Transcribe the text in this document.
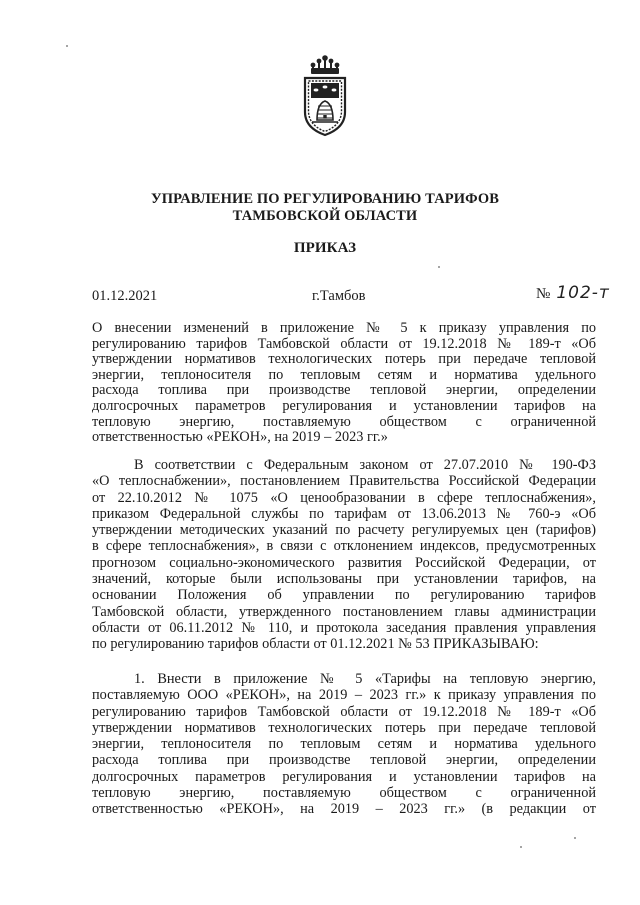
УПРАВЛЕНИЕ ПО РЕГУЛИРОВАНИЮ ТАРИФОВ
ТАМБОВСКОЙ ОБЛАСТИ
ПРИКАЗ
01.12.2021	г.Тамбов	№ 102-т
О внесении изменений в приложение № 5 к приказу управления по
регулированию тарифов Тамбовской области от 19.12.2018 № 189-т «Об
утверждении нормативов технологических потерь при передаче тепловой
энергии, теплоносителя по тепловым сетям и норматива удельного
расхода топлива при производстве тепловой энергии, определении
долгосрочных параметров регулирования и установлении тарифов на
тепловую энергию, поставляемую обществом с ограниченной
ответственностью «РЕКОН», на 2019 – 2023 гг.»
В соответствии с Федеральным законом от 27.07.2010 № 190-ФЗ
«О теплоснабжении», постановлением Правительства Российской Федерации
от 22.10.2012 № 1075 «О ценообразовании в сфере теплоснабжения»,
приказом Федеральной службы по тарифам от 13.06.2013 № 760-э «Об
утверждении методических указаний по расчету регулируемых цен (тарифов)
в сфере теплоснабжения», в связи с отклонением индексов, предусмотренных
прогнозом социально-экономического развития Российской Федерации, от
значений, которые были использованы при установлении тарифов, на
основании Положения об управлении по регулированию тарифов
Тамбовской области, утвержденного постановлением главы администрации
области от 06.11.2012 № 110, и протокола заседания правления управления
по регулированию тарифов области от 01.12.2021 № 53 ПРИКАЗЫВАЮ:
1. Внести в приложение № 5 «Тарифы на тепловую энергию,
поставляемую ООО «РЕКОН», на 2019 – 2023 гг.» к приказу управления по
регулированию тарифов Тамбовской области от 19.12.2018 № 189-т «Об
утверждении нормативов технологических потерь при передаче тепловой
энергии, теплоносителя по тепловым сетям и норматива удельного
расхода топлива при производстве тепловой энергии, определении
долгосрочных параметров регулирования и установлении тарифов на
тепловую энергию, поставляемую обществом с ограниченной
ответственностью «РЕКОН», на 2019 – 2023 гг.» (в редакции от
